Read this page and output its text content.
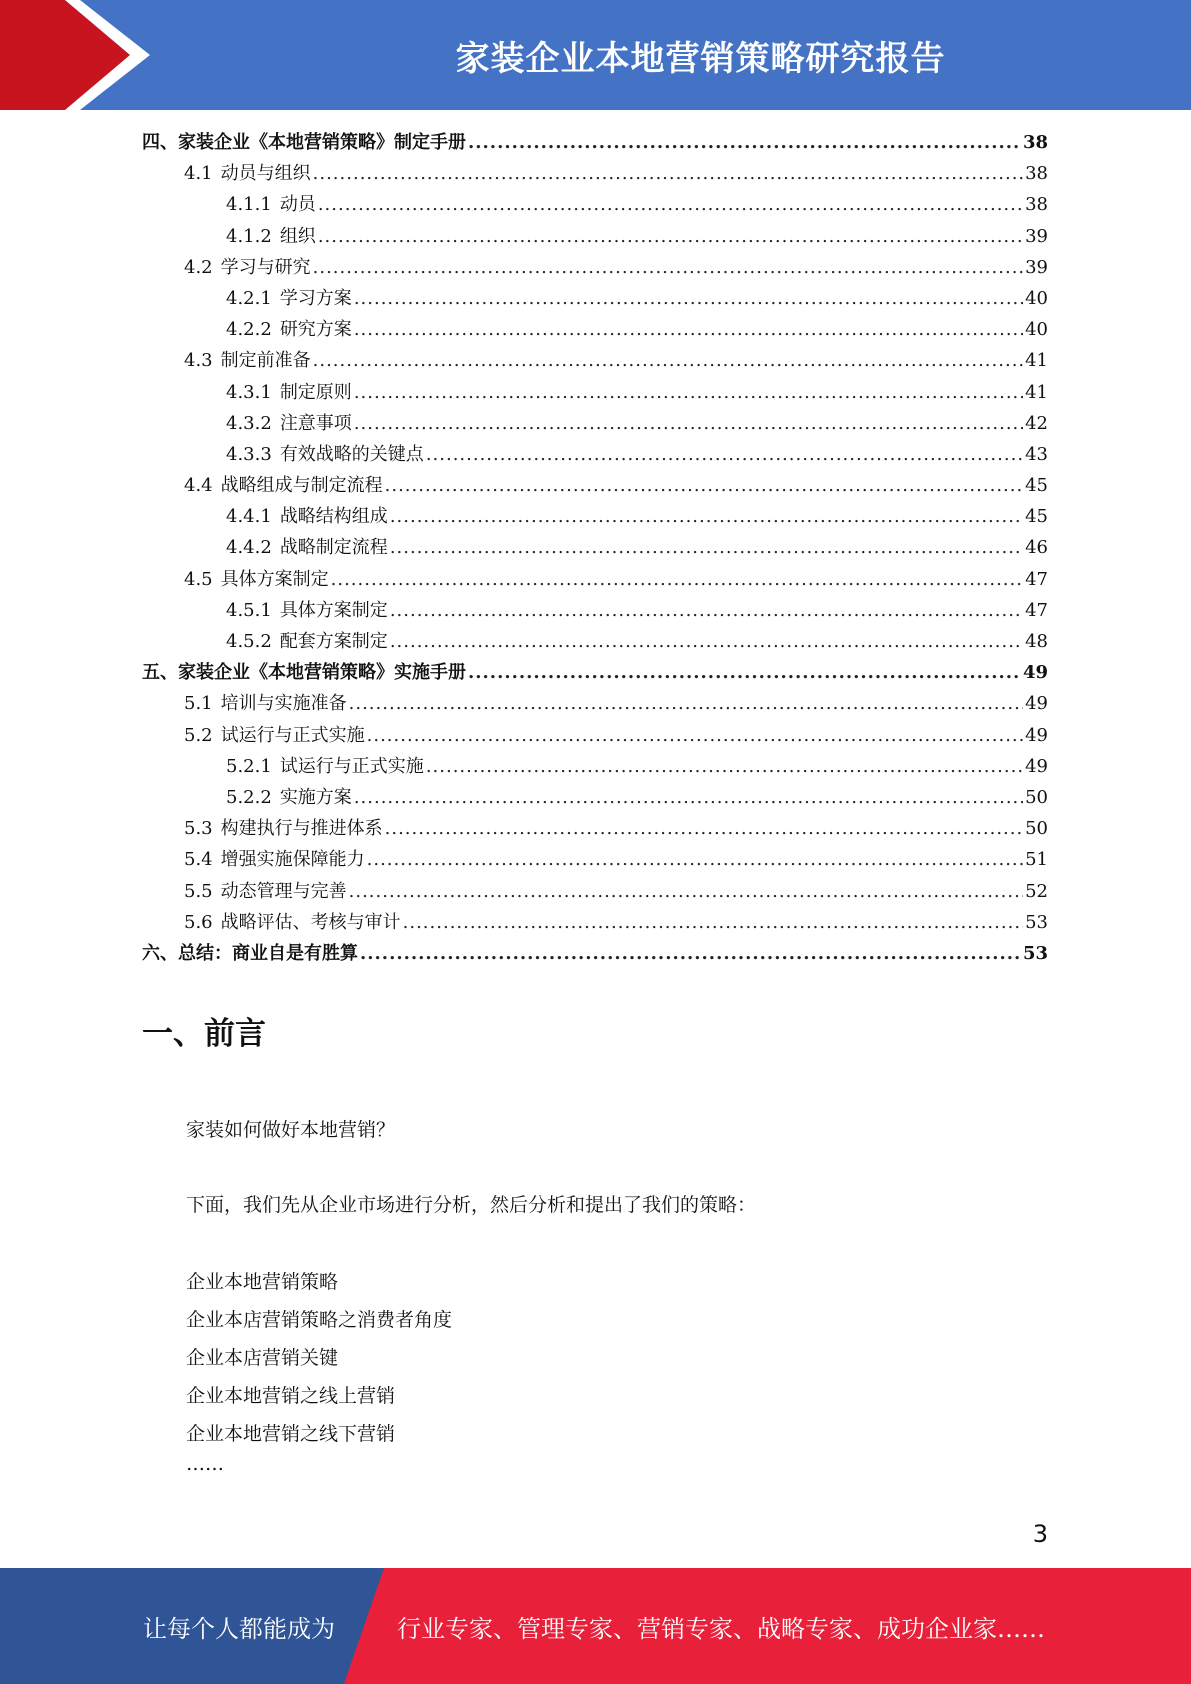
家装企业本地营销策略研究报告
四、家装企业《本地营销策略》制定手册 .....	38
4.1 动员与组织 .....	38
4.1.1 动员 .....	38
4.1.2 组织 .....	39
4.2 学习与研究 .....	39
4.2.1 学习方案 .....	40
4.2.2 研究方案 .....	40
4.3 制定前准备 .....	41
4.3.1 制定原则 .....	41
4.3.2 注意事项 .....	42
4.3.3 有效战略的关键点 .....	43
4.4 战略组成与制定流程 .....	45
4.4.1 战略结构组成 .....	45
4.4.2 战略制定流程 .....	46
4.5 具体方案制定 .....	47
4.5.1 具体方案制定 .....	47
4.5.2 配套方案制定 .....	48
五、家装企业《本地营销策略》实施手册 .....	49
5.1 培训与实施准备 .....	49
5.2 试运行与正式实施 .....	49
5.2.1 试运行与正式实施 .....	49
5.2.2 实施方案 .....	50
5.3 构建执行与推进体系 .....	50
5.4 增强实施保障能力 .....	51
5.5 动态管理与完善 .....	52
5.6 战略评估、考核与审计 .....	53
六、总结：商业自是有胜算 .....	53
一、前言
家装如何做好本地营销？
下面，我们先从企业市场进行分析，然后分析和提出了我们的策略：
企业本地营销策略
企业本店营销策略之消费者角度
企业本店营销关键
企业本地营销之线上营销
企业本地营销之线下营销
……
3
让每个人都能成为	行业专家、管理专家、营销专家、战略专家、成功企业家……
